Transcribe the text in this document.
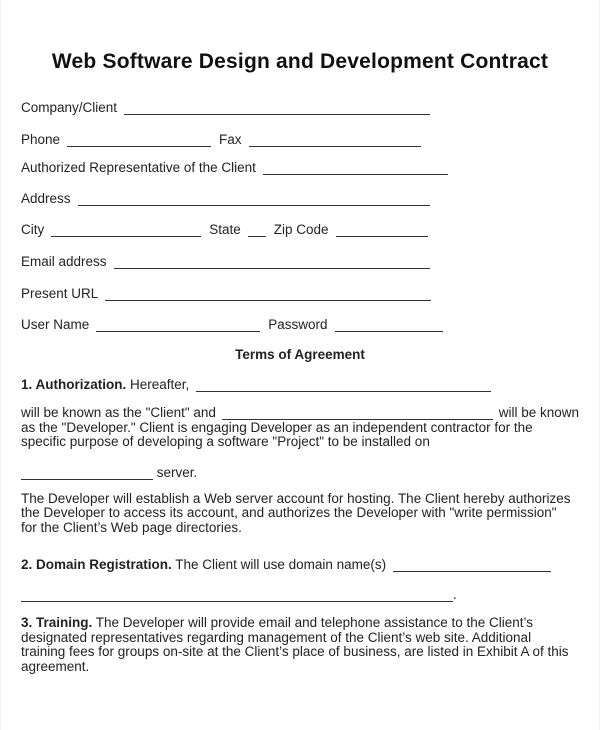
Web Software Design and Development Contract
Company/Client
Phone	Fax
Authorized Representative of the Client
Address
City	State Zip Code
Email address
Present URL
User Name	Password
Terms of Agreement
1. Authorization. Hereafter,
will be known as the "Client" and	will be known
as the "Developer." Client is engaging Developer as an independent contractor for the
specific purpose of developing a software "Project" to be installed on
server.
The Developer will establish a Web server account for hosting. The Client hereby authorizes
the Developer to access its account, and authorizes the Developer with "write permission"
for the Client’s Web page directories.
2. Domain Registration. The Client will use domain name(s)
.
3. Training. The Developer will provide email and telephone assistance to the Client’s
designated representatives regarding management of the Client’s web site. Additional
training fees for groups on-site at the Client’s place of business, are listed in Exhibit A of this
agreement.
